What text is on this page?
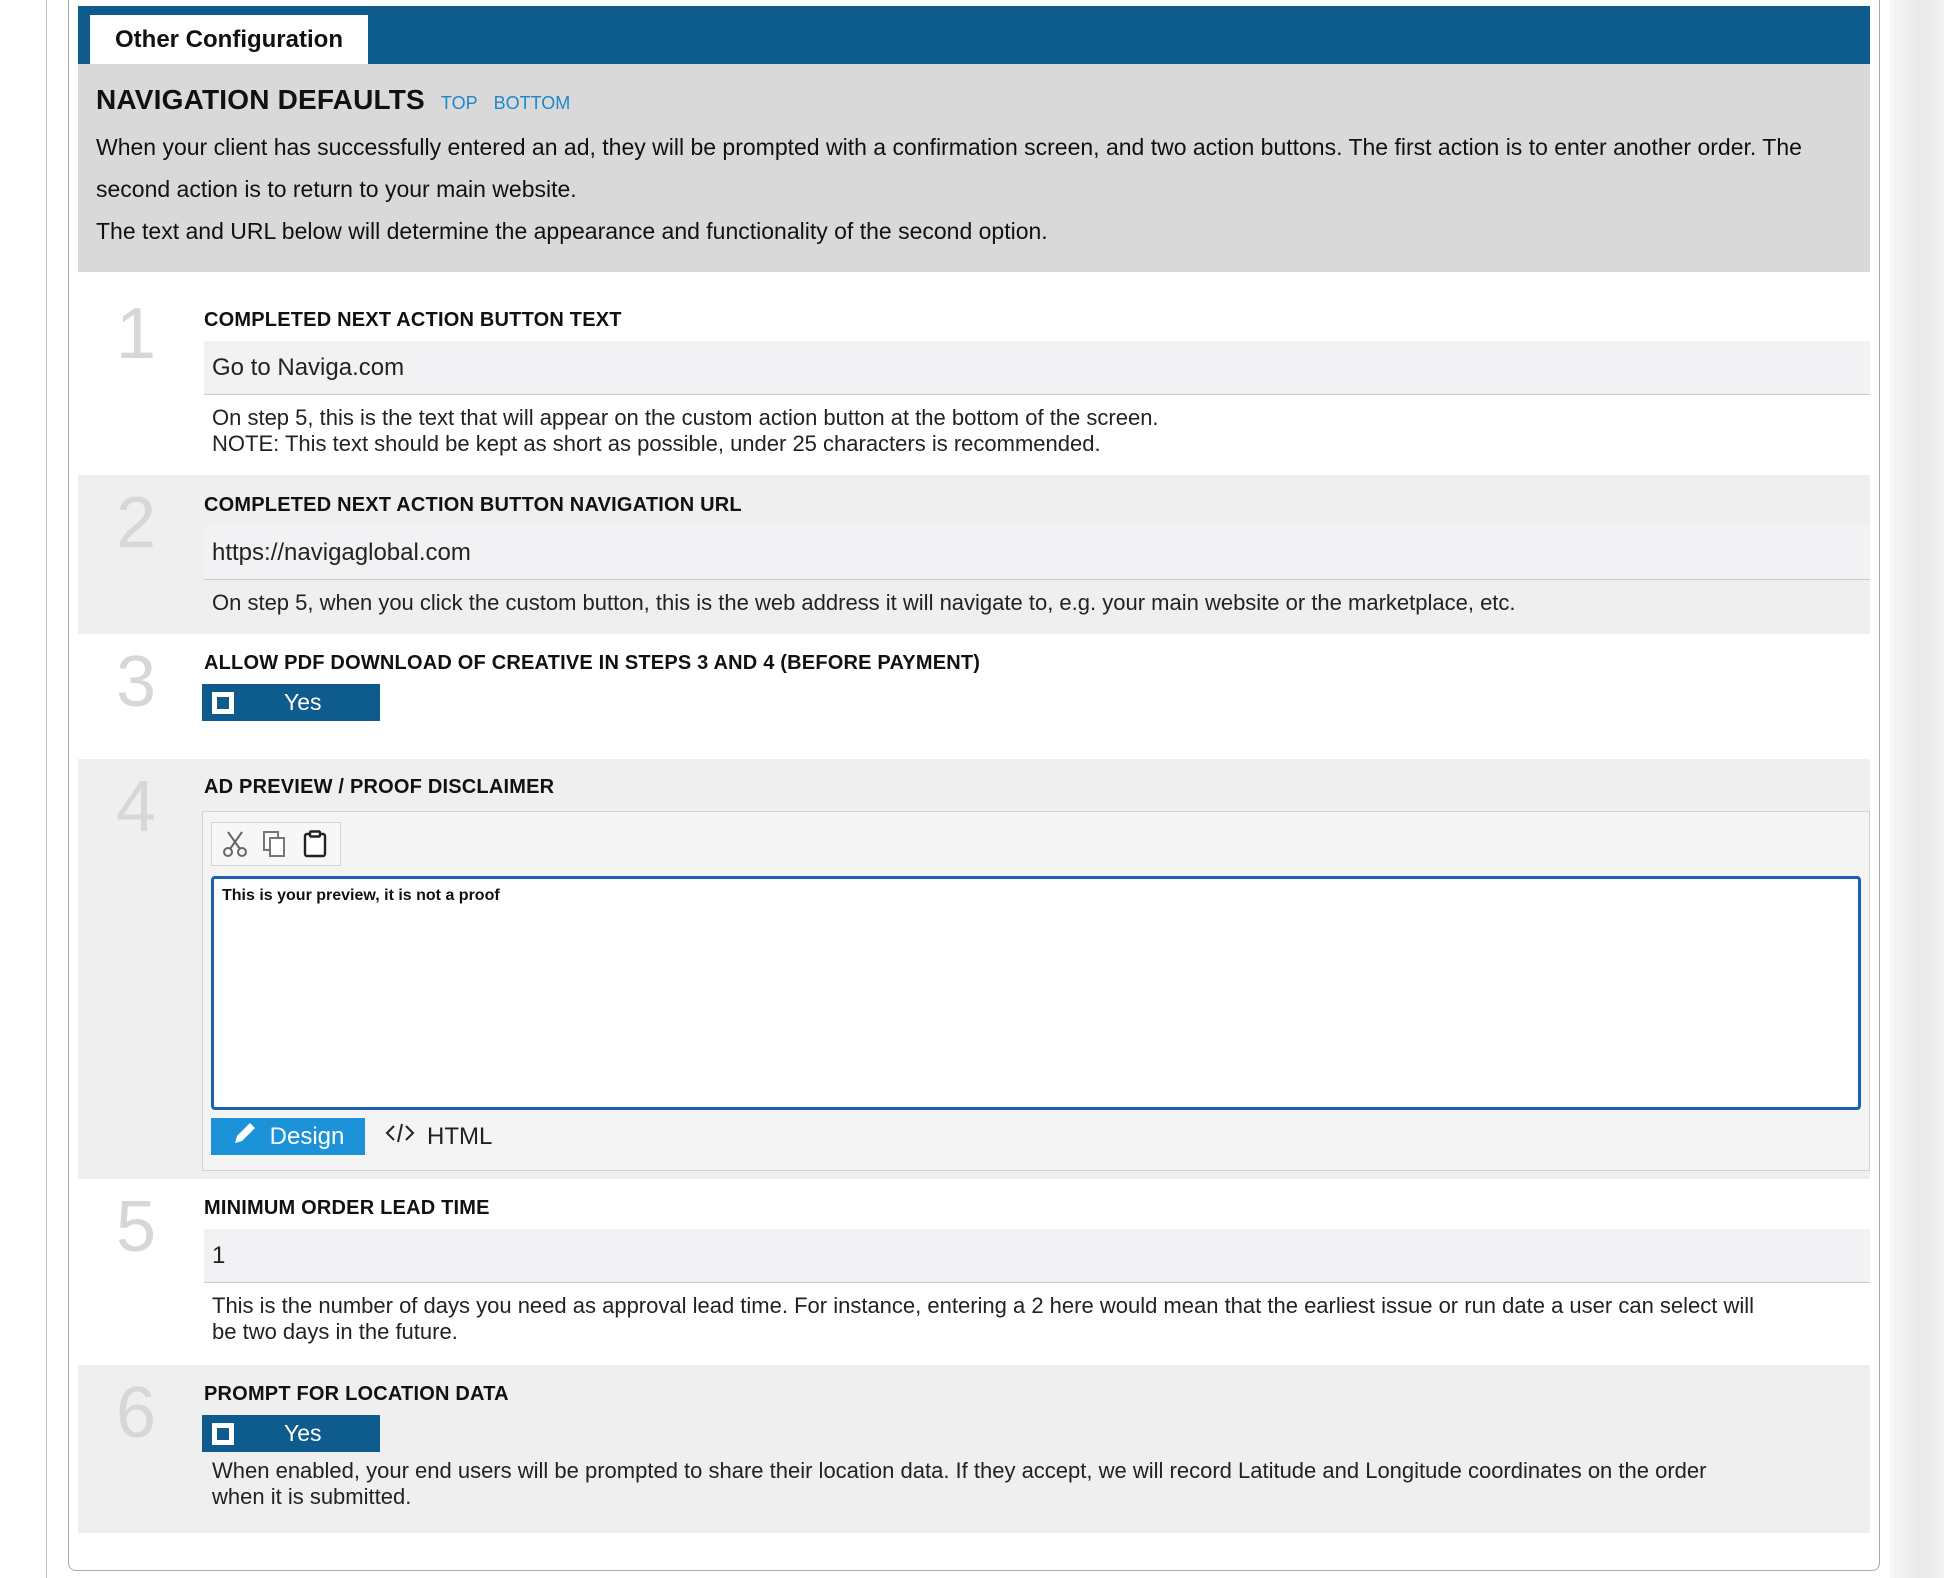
Other Configuration
NAVIGATION DEFAULTS TOP BOTTOM

When your client has successfully entered an ad, they will be prompted with a confirmation screen, and two action buttons. The first action is to enter another order. The second action is to return to your main website.

The text and URL below will determine the appearance and functionality of the second option.

1 COMPLETED NEXT ACTION BUTTON TEXT
Go to Naviga.com
On step 5, this is the text that will appear on the custom action button at the bottom of the screen.
NOTE: This text should be kept as short as possible, under 25 characters is recommended.
2 COMPLETED NEXT ACTION BUTTON NAVIGATION URL
https://navigaglobal.com
On step 5, when you click the custom button, this is the web address it will navigate to, e.g. your main website or the marketplace, etc.
3 ALLOW PDF DOWNLOAD OF CREATIVE IN STEPS 3 AND 4 (BEFORE PAYMENT)
Yes
4 AD PREVIEW / PROOF DISCLAIMER
This is your preview, it is not a proof
Design	HTML
5 MINIMUM ORDER LEAD TIME
1
This is the number of days you need as approval lead time. For instance, entering a 2 here would mean that the earliest issue or run date a user can select will
be two days in the future.
6 PROMPT FOR LOCATION DATA
Yes
When enabled, your end users will be prompted to share their location data. If they accept, we will record Latitude and Longitude coordinates on the order
when it is submitted.
